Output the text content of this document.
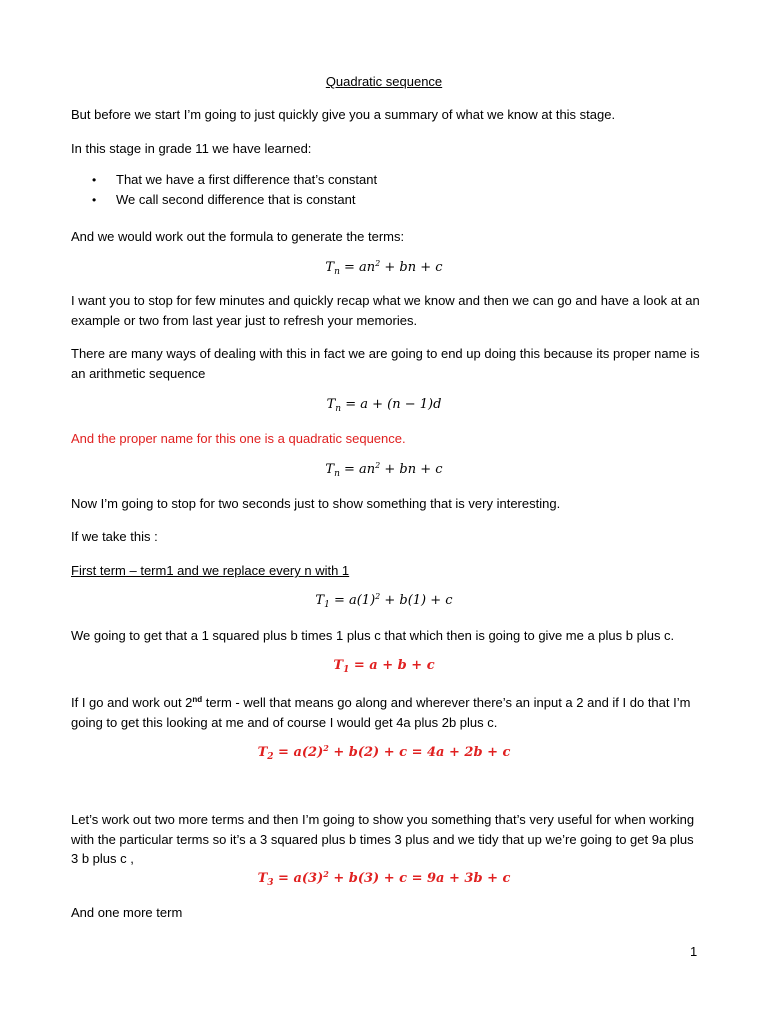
Quadratic sequence
But before we start I’m going to just quickly give you a summary of what we know at this stage.
In this stage in grade 11 we have learned:
• That we have a first difference that’s constant
• We call second difference that is constant
And we would work out the formula to generate the terms:
$T_n = an^2$ + bn + c
I want you to stop for few minutes and quickly recap what we know and then we can go and have a look at an example or two from last year just to refresh your memories.
There are many ways of dealing with this in fact we are going to end up doing this because its proper name is an arithmetic sequence
$T_n = a + (n - 1)d$
And the proper name for this one is a quadratic sequence.
$T_n = an^2$ + bn + c
Now I’m going to stop for two seconds just to show something that is very interesting.
If we take this :
First term – term1 and we replace every n with 1
$T_1 = a(1)^2 + b(1) + c$
We going to get that a 1 squared plus b times 1 plus c that which then is going to give me a plus b plus c.
$T_1 = a + b + c$
If I go and work out 2nd term - well that means go along and wherever there’s an input a 2 and if I do that I’m going to get this looking at me and of course I would get 4a plus 2b plus c.
$T_2 = a(2)^2 + b(2) + c = 4a + 2b + c$
Let’s work out two more terms and then I’m going to show you something that’s very useful for when working with the particular terms so it’s a 3 squared plus b times 3 plus and we tidy that up we’re going to get 9a plus 3 b plus c ,
$T_3 = a(3)^2 + b(3) + c = 9a + 3b + c$
And one more term
1
